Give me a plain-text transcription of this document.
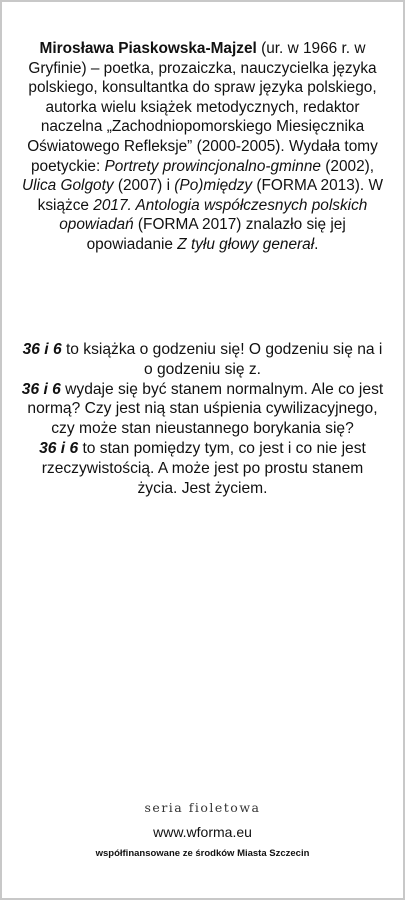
Mirosława Piaskowska-Majzel (ur. w 1966 r. w Gryfinie) – poetka, prozaiczka, nauczycielka języka polskiego, konsultantka do spraw języka polskiego, autorka wielu książek metodycznych, redaktor naczelna „Zachodniopomorskiego Miesięcznika Oświatowego Refleksje” (2000-2005). Wydała tomy poetyckie: Portrety prowincjonalno-gminne (2002), Ulica Golgoty (2007) i (Po)między (FORMA 2013). W książce 2017. Antologia współczesnych polskich opowiadań (FORMA 2017) znalazło się jej opowiadanie Z tyłu głowy generał.
36 i 6 to książka o godzeniu się! O godzeniu się na i o godzeniu się z.
36 i 6 wydaje się być stanem normalnym. Ale co jest normą? Czy jest nią stan uśpienia cywilizacyjnego, czy może stan nieustannego borykania się?
36 i 6 to stan pomiędzy tym, co jest i co nie jest rzeczywistością. A może jest po prostu stanem życia. Jest życiem.
seria fioletowa
www.wforma.eu
współfinansowane ze środków Miasta Szczecin
